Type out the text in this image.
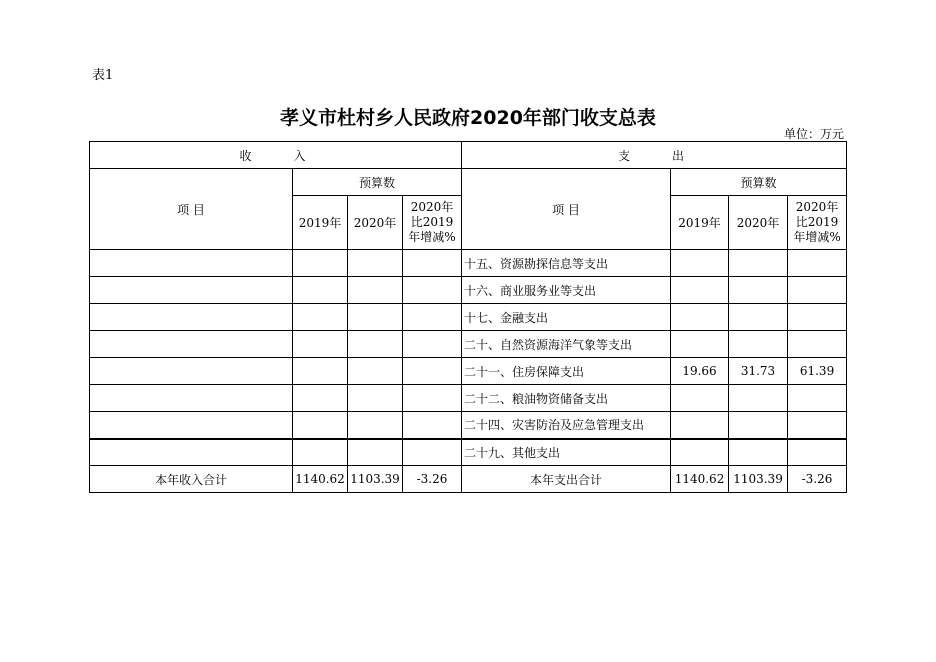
表1
孝义市杜村乡人民政府2020年部门收支总表
单位：万元
收　　入				支　　出			
项 目	预算数			项 目	预算数		
	2019年	2020年	2020年比2019年增减%		2019年	2020年	2020年比2019年增减%
				十五、资源勘探信息等支出			
				十六、商业服务业等支出			
				十七、金融支出			
				二十、自然资源海洋气象等支出			
				二十一、住房保障支出	19.66	31.73	61.39
				二十二、粮油物资储备支出			
				二十四、灾害防治及应急管理支出			
				二十九、其他支出			
本年收入合计	1140.62	1103.39	-3.26	本年支出合计	1140.62	1103.39	-3.26
